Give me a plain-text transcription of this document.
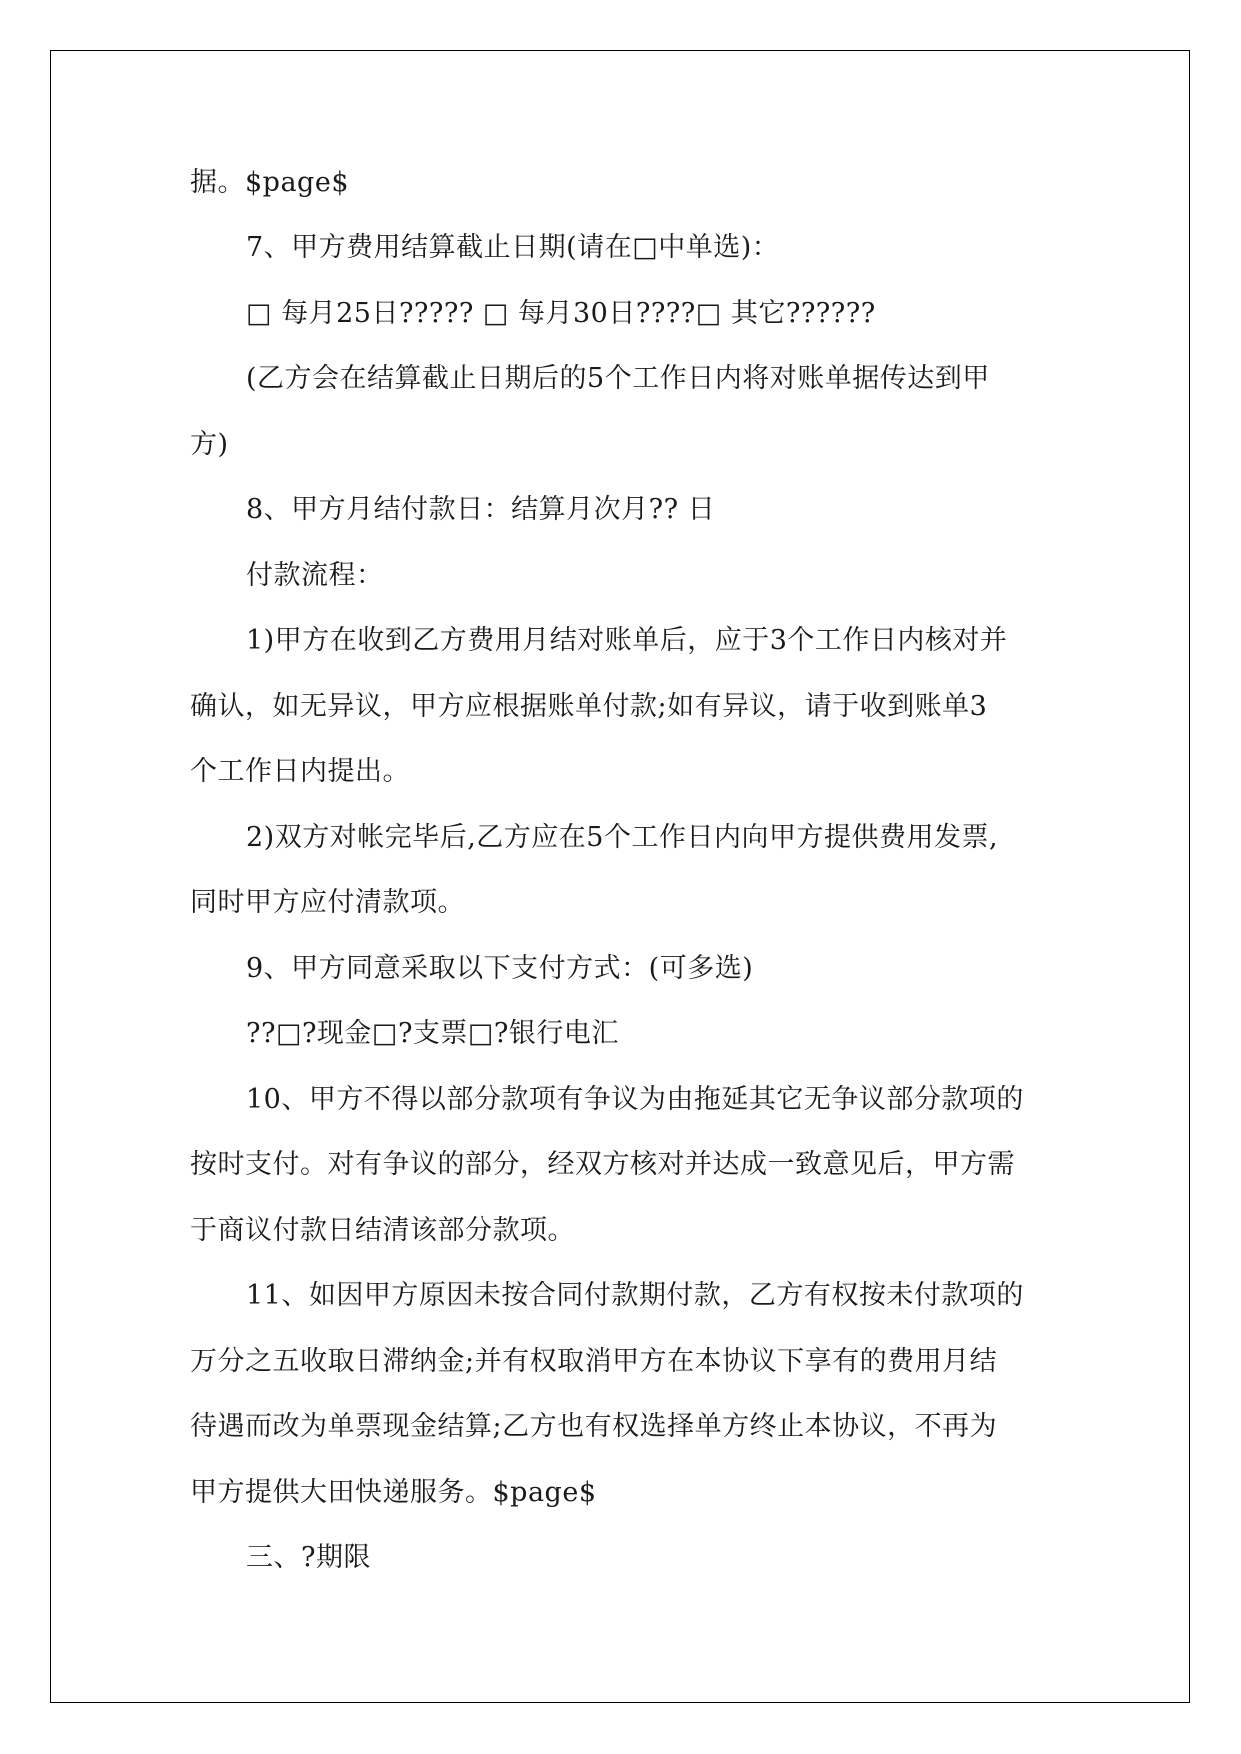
据。$page$
7、甲方费用结算截止日期(请在□中单选)：
□ 每月25日????? □ 每月30日????□ 其它??????
(乙方会在结算截止日期后的5个工作日内将对账单据传达到甲
方)
8、甲方月结付款日：结算月次月?? 日
付款流程：
1)甲方在收到乙方费用月结对账单后，应于3个工作日内核对并
确认，如无异议，甲方应根据账单付款;如有异议，请于收到账单3
个工作日内提出。
2)双方对帐完毕后,乙方应在5个工作日内向甲方提供费用发票,
同时甲方应付清款项。
9、甲方同意采取以下支付方式：(可多选)
??□?现金□?支票□?银行电汇
10、甲方不得以部分款项有争议为由拖延其它无争议部分款项的
按时支付。对有争议的部分，经双方核对并达成一致意见后，甲方需
于商议付款日结清该部分款项。
11、如因甲方原因未按合同付款期付款，乙方有权按未付款项的
万分之五收取日滞纳金;并有权取消甲方在本协议下享有的费用月结
待遇而改为单票现金结算;乙方也有权选择单方终止本协议，不再为
甲方提供大田快递服务。$page$
三、?期限
